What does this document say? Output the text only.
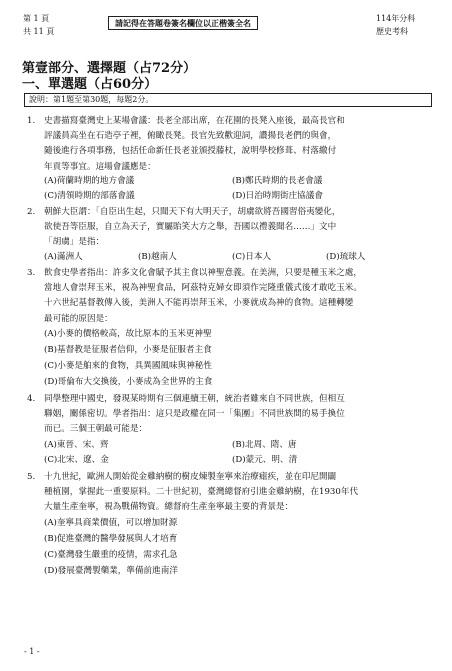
第 1 頁
共 11 頁
請記得在答題卷簽名欄位以正楷簽全名	114年分科
歷史考科
第壹部分、選擇題（占72分）
一、單選題（占60分）
說明：第1題至第30題，每題2分。
1. 史書描寫臺灣史上某場會議：長老全部出席，在花園的長凳入座後，最高長官和
評議員高坐在石造亭子裡，俯瞰長凳。長官先致歡迎詞，讚揚長老們的與會，
隨後進行各項事務，包括任命新任長老並頒授藤杖，說明學校修葺、村落繳付
年貢等事宜。這場會議應是：
(A)荷蘭時期的地方會議	(B)鄭氏時期的長老會議
(C)清領時期的部落會議	(D)日治時期街庄協議會
2. 朝鮮大臣謂：「自臣出生起，只聞天下有大明天子，胡虜欲將吾國習俗夷變化，
欲使吾等臣服，自立為天子，實屬貽笑大方之舉，吾國以禮義聞名……」文中
「胡虜」是指：
(A)滿洲人	(B)越南人	(C)日本人	(D)琉球人
3. 飲食史學者指出：許多文化會賦予其主食以神聖意義。在美洲，只要是種玉米之處，
當地人會崇拜玉米，視為神聖食品，阿茲特克婦女即須作完隆重儀式後才敢吃玉米。
十六世紀基督教傳入後，美洲人不能再崇拜玉米，小麥就成為神的食物。這種轉變
最可能的原因是：
(A)小麥的價格較高，故比原本的玉米更神聖
(B)基督教是征服者信仰，小麥是征服者主食
(C)小麥是舶來的食物，具異國風味與神秘性
(D)哥倫布大交換後，小麥成為全世界的主食
4. 同學整理中國史，發現某時期有三個連續王朝，統治者雖來自不同世族，但相互
聯姻，關係密切。學者指出：這只是政權在同一「集團」不同世族間的易手換位
而已。三個王朝最可能是：
(A)東晉、宋、齊	(B)北周、隋、唐
(C)北宋、遼、金	(D)蒙元、明、清
5. 十九世紀，歐洲人開始從金雞納樹的樹皮煉製奎寧來治療瘧疾，並在印尼開闢
種植園，掌握此一重要原料。二十世紀初，臺灣總督府引進金雞納樹，在1930年代
大量生產奎寧，視為戰備物資。總督府生產奎寧最主要的背景是：
(A)奎寧具商業價值，可以增加財源
(B)促進臺灣的醫學發展與人才培育
(C)臺灣發生嚴重的疫情，需求孔急
(D)發展臺灣製藥業，準備前進南洋
- 1 -
